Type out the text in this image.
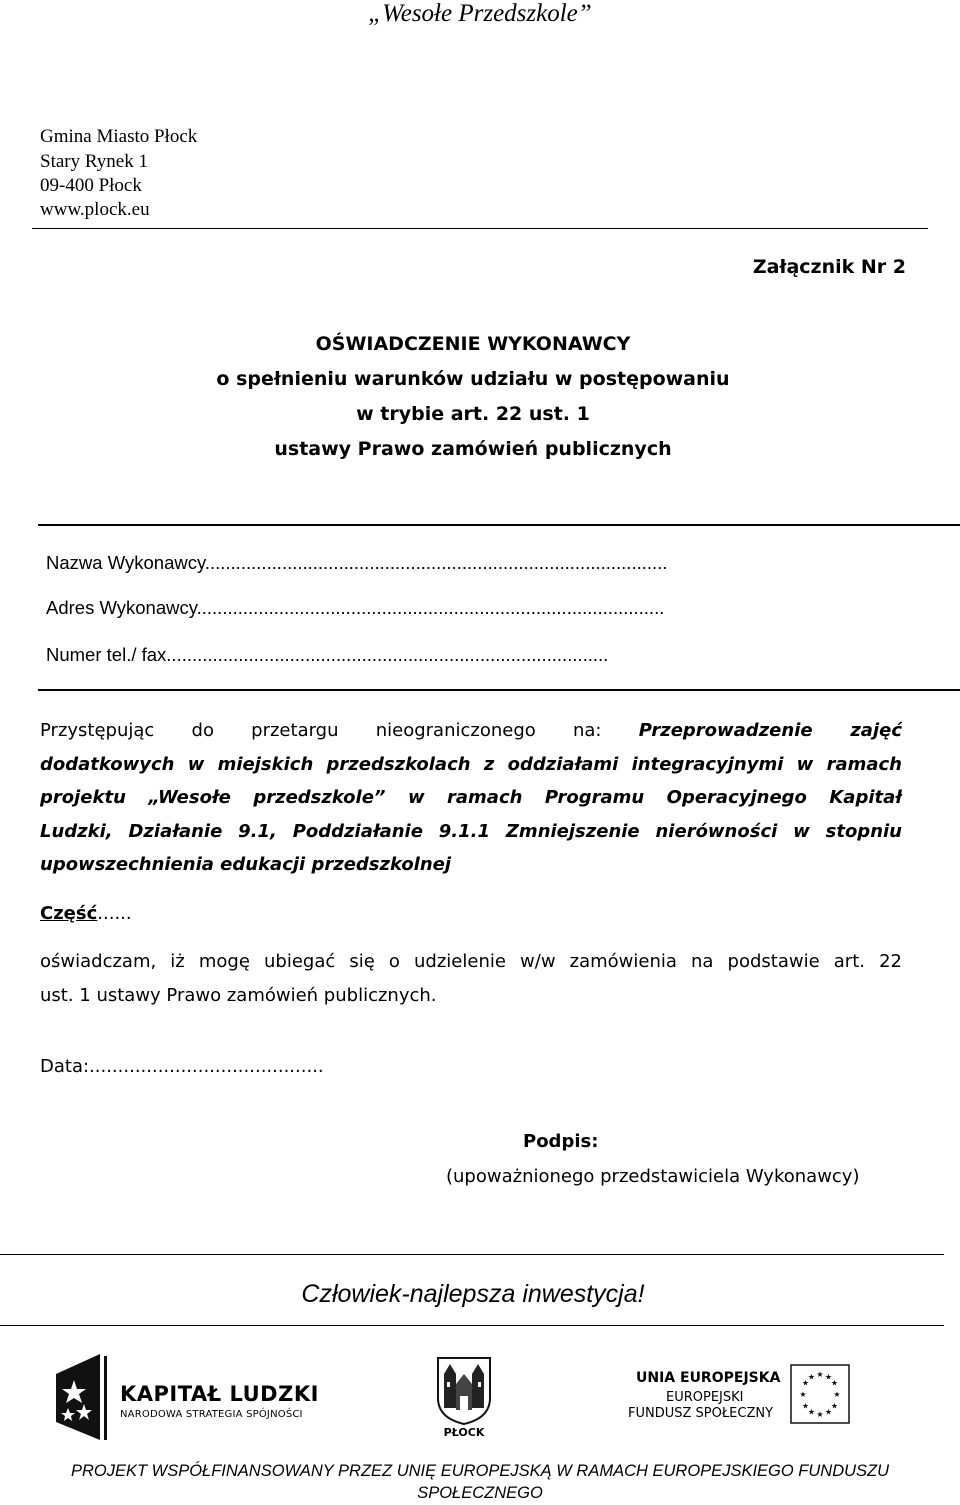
„Wesołe Przedszkole”
Gmina Miasto Płock
Stary Rynek 1
09-400 Płock
www.plock.eu
Załącznik Nr 2
OŚWIADCZENIE WYKONAWCY
o spełnieniu warunków udziału w postępowaniu
w trybie art. 22 ust. 1
ustawy Prawo zamówień publicznych
Nazwa Wykonawcy..........................................................................................
Adres Wykonawcy...........................................................................................
Numer tel./ fax......................................................................................
Przystępując do przetargu nieograniczonego na: Przeprowadzenie zajęć
dodatkowych w miejskich przedszkolach z oddziałami integracyjnymi w ramach
projektu „Wesołe przedszkole” w ramach Programu Operacyjnego Kapitał
Ludzki, Działanie 9.1, Poddziałanie 9.1.1 Zmniejszenie nierówności w stopniu
upowszechnienia edukacji przedszkolnej
Część......
oświadczam, iż mogę ubiegać się o udzielenie w/w zamówienia na podstawie art. 22
ust. 1 ustawy Prawo zamówień publicznych.
Data:.........................................
Podpis:
(upoważnionego przedstawiciela Wykonawcy)
Człowiek-najlepsza inwestycja!
KAPITAŁ LUDZKI
NARODOWA STRATEGIA SPÓJNOŚCI
PŁOCK
UNIA EUROPEJSKA
EUROPEJSKI
FUNDUSZ SPOŁECZNY
★ ★
★
★
★
★
★
★
★
★
★
★
PROJEKT WSPÓŁFINANSOWANY PRZEZ UNIĘ EUROPEJSKĄ W RAMACH EUROPEJSKIEGO FUNDUSZU
SPOŁECZNEGO
